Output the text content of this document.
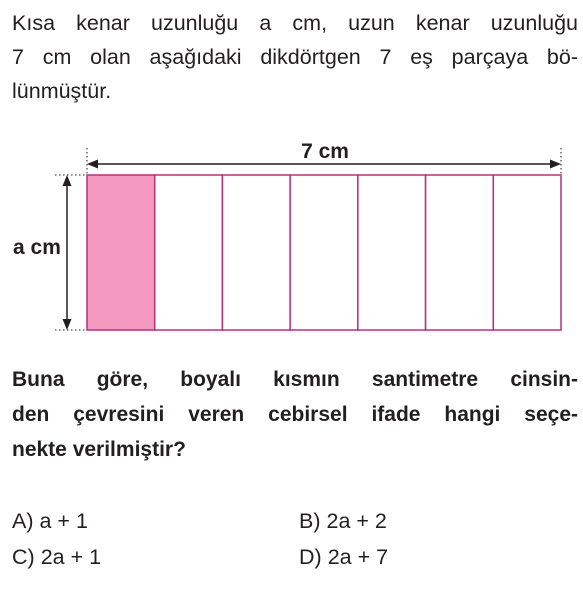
Kısa kenar uzunluğu a cm, uzun kenar uzunluğu
7 cm olan aşağıdaki dikdörtgen 7 eş parçaya bö-
lünmüştür.
7 cm
a cm
Buna göre, boyalı kısmın santimetre cinsin-
den çevresini veren cebirsel ifade hangi seçe-
nekte verilmiştir?
A) a + 1	B) 2a + 2
C) 2a + 1	D) 2a + 7
